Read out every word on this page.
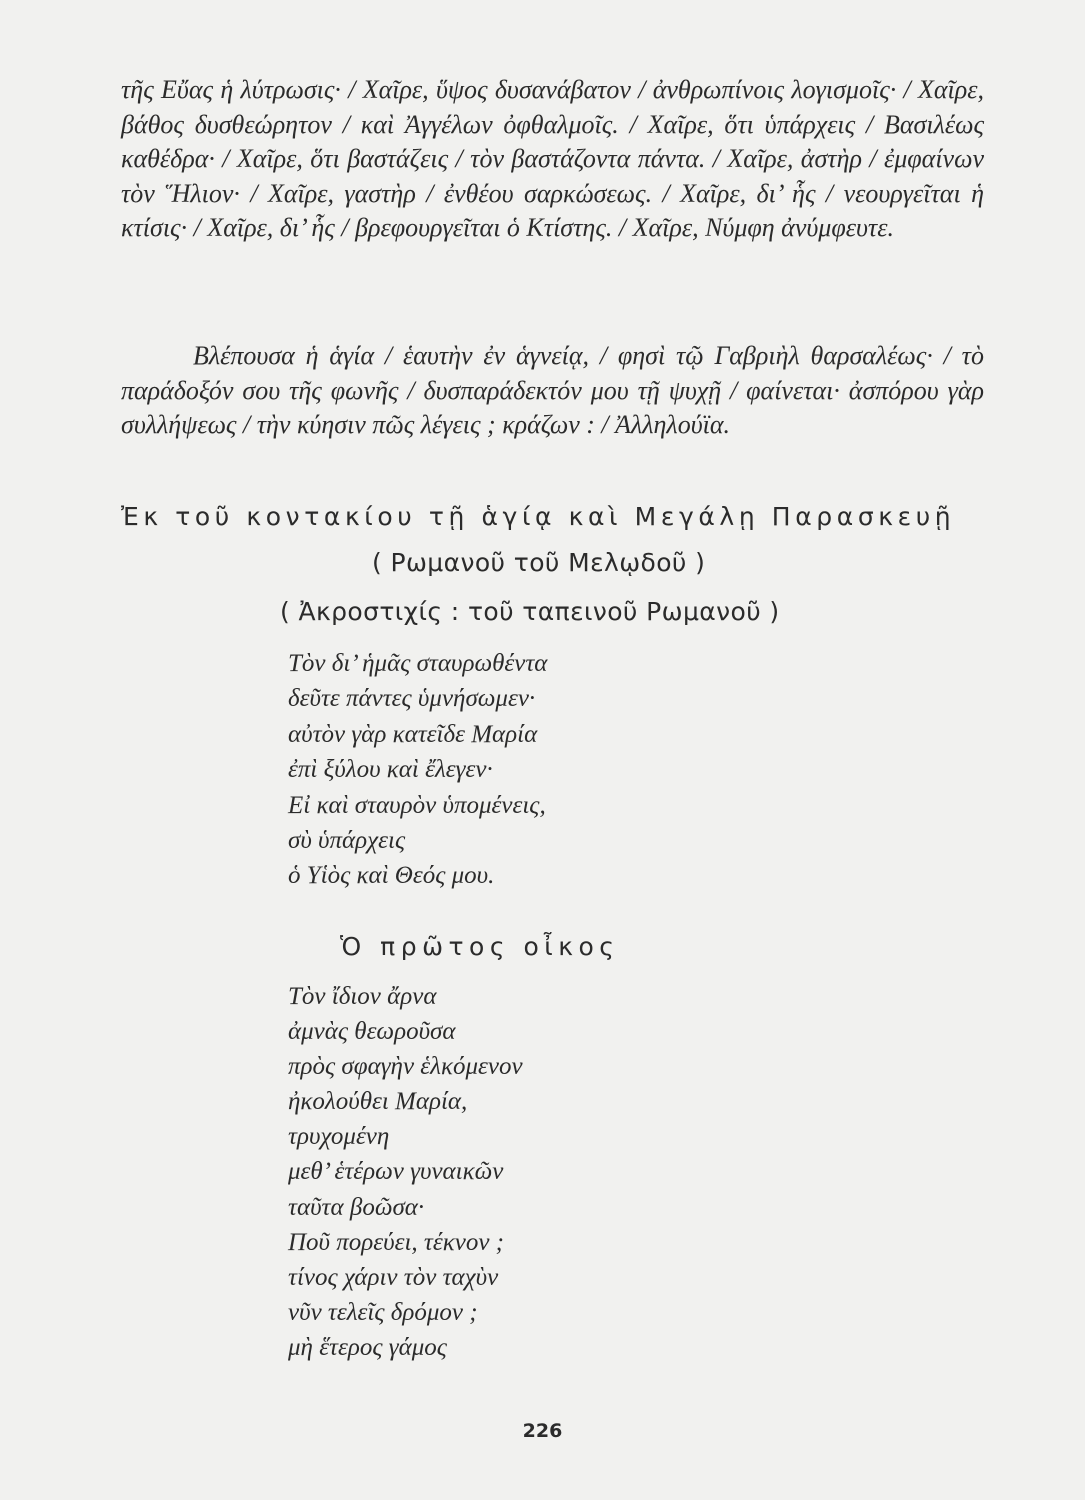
τῆς Εὔας ἡ λύτρωσις· / Χαῖρε, ὕψος δυσανάβατον / ἀνθρωπίνοις λογισμοῖς· / Χαῖρε, βάθος δυσθεώρητον / καὶ Ἀγγέλων ὀφθαλμοῖς. / Χαῖρε, ὅτι ὑπάρχεις / Βασιλέως καθέδρα· / Χαῖρε, ὅτι βαστάζεις / τὸν βαστάζοντα πάντα. / Χαῖρε, ἀστὴρ / ἐμφαίνων τὸν Ἥλιον· / Χαῖρε, γαστὴρ / ἐνθέου σαρκώσεως. / Χαῖρε, δι’ ἧς / νεουργεῖται ἡ κτίσις· / Χαῖρε, δι’ ἧς / βρεφουργεῖται ὁ Κτίστης. / Χαῖρε, Νύμφη ἀνύμφευτε.

Βλέπουσα ἡ ἁγία / ἑαυτὴν ἐν ἁγνείᾳ, / φησὶ τῷ Γαβριὴλ θαρσαλέως· / τὸ παράδοξόν σου τῆς φωνῆς / δυσπαράδεκτόν μου τῇ ψυχῇ / φαίνεται· ἀσπόρου γὰρ συλλήψεως / τὴν κύησιν πῶς λέγεις ; κράζων : / Ἀλληλούϊα.

Ἐκ τοῦ κοντακίου τῇ ἁγίᾳ καὶ Μεγάλῃ Παρασκευῇ
( Ρωμανοῦ τοῦ Μελῳδοῦ )
( Ἀκροστιχίς : τοῦ ταπεινοῦ Ρωμανοῦ )
Τὸν δι’ ἡμᾶς σταυρωθέντα
δεῦτε πάντες ὑμνήσωμεν·
αὐτὸν γὰρ κατεῖδε Μαρία
ἐπὶ ξύλου καὶ ἔλεγεν·
Εἰ καὶ σταυρὸν ὑπομένεις,
σὺ ὑπάρχεις
ὁ Υἱὸς καὶ Θεός μου.
Ὁ πρῶτος οἶκος
Τὸν ἴδιον ἄρνα
ἀμνὰς θεωροῦσα
πρὸς σφαγὴν ἑλκόμενον
ἠκολούθει Μαρία,
τρυχομένη
μεθ’ ἑτέρων γυναικῶν
ταῦτα βοῶσα·
Ποῦ πορεύει, τέκνον ;
τίνος χάριν τὸν ταχὺν
νῦν τελεῖς δρόμον ;
μὴ ἕτερος γάμος
226
